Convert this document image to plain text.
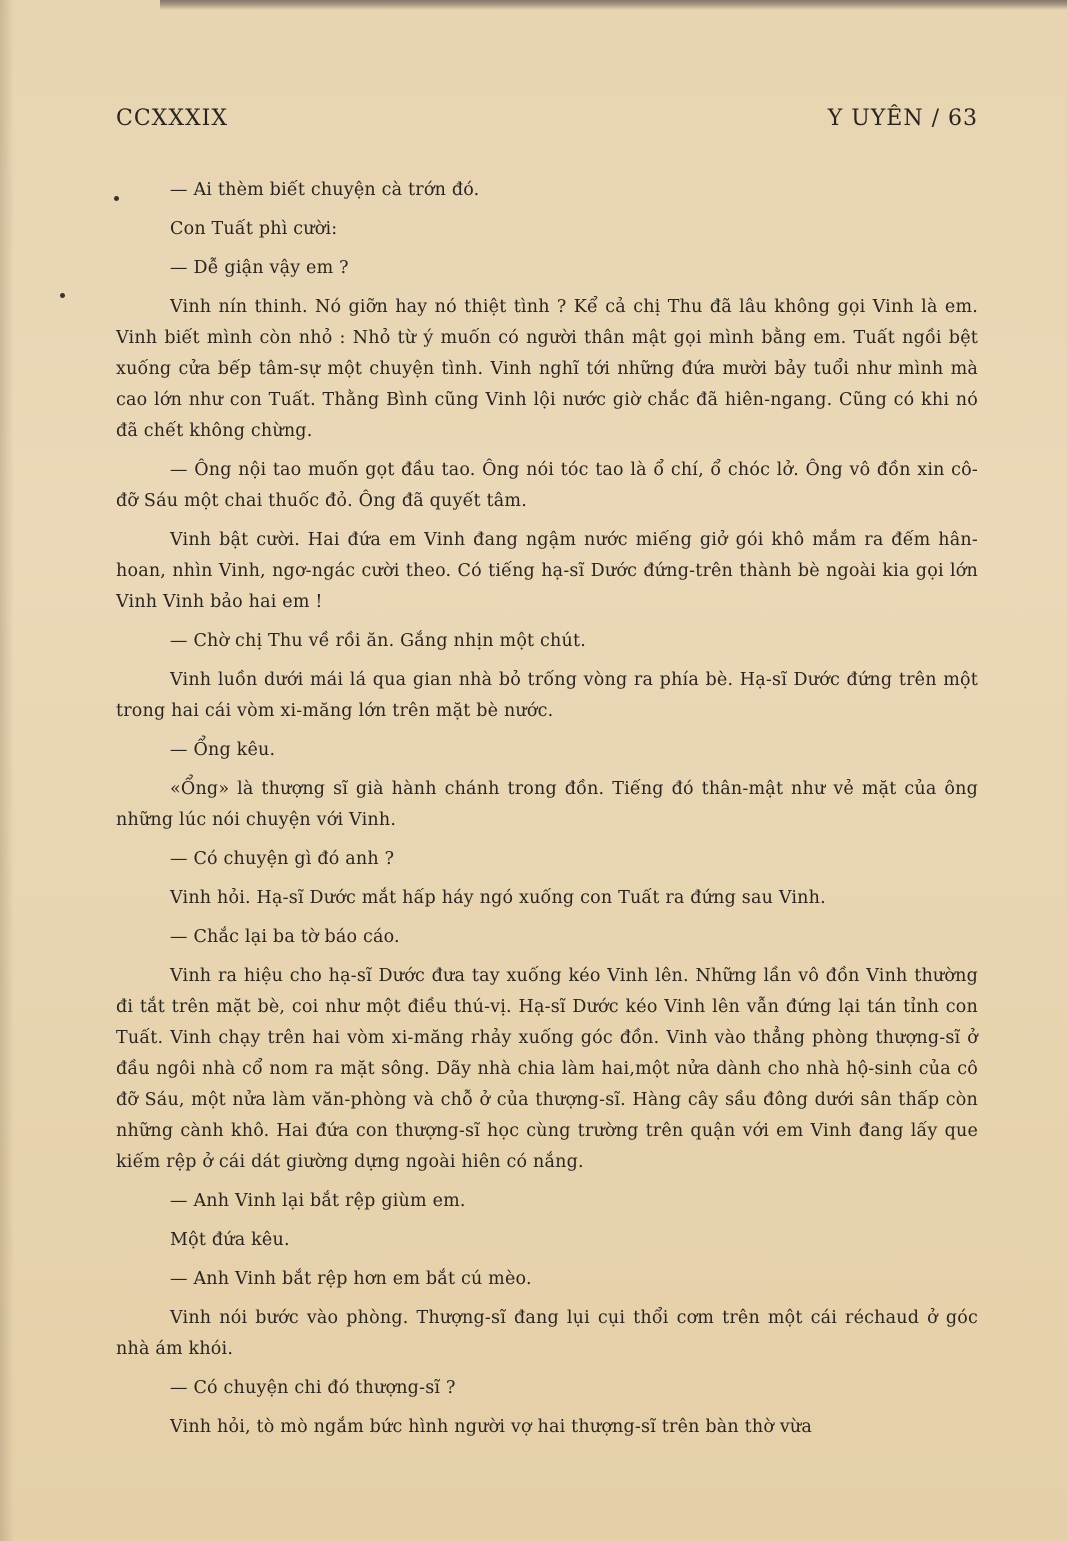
CCXXXIX	Y UYÊN / 63

— Ai thèm biết chuyện cà trớn đó.

Con Tuất phì cười:

— Dễ giận vậy em ?

Vinh nín thinh. Nó giỡn hay nó thiệt tình ? Kể cả chị Thu đã lâu không gọi Vinh là em. Vinh biết mình còn nhỏ : Nhỏ từ ý muốn có người thân mật gọi mình bằng em. Tuất ngồi bệt xuống cửa bếp tâm-sự một chuyện tình. Vinh nghĩ tới những đứa mười bảy tuổi như mình mà cao lớn như con Tuất. Thằng Bình cũng Vinh lội nước giờ chắc đã hiên-ngang. Cũng có khi nó đã chết không chừng.

— Ông nội tao muốn gọt đầu tao. Ông nói tóc tao là ổ chí, ổ chóc lở. Ông vô đồn xin cô-đỡ Sáu một chai thuốc đỏ. Ông đã quyết tâm.

Vinh bật cười. Hai đứa em Vinh đang ngậm nước miếng giở gói khô mắm ra đếm hân-hoan, nhìn Vinh, ngơ-ngác cười theo. Có tiếng hạ-sĩ Dước đứng-trên thành bè ngoài kia gọi lớn Vinh Vinh bảo hai em !

— Chờ chị Thu về rồi ăn. Gắng nhịn một chút.

Vinh luồn dưới mái lá qua gian nhà bỏ trống vòng ra phía bè. Hạ-sĩ Dước đứng trên một trong hai cái vòm xi-măng lớn trên mặt bè nước.

— Ổng kêu.

«Ổng» là thượng sĩ già hành chánh trong đồn. Tiếng đó thân-mật như vẻ mặt của ông những lúc nói chuyện với Vinh.

— Có chuyện gì đó anh ?

Vinh hỏi. Hạ-sĩ Dước mắt hấp háy ngó xuống con Tuất ra đứng sau Vinh.

— Chắc lại ba tờ báo cáo.

Vinh ra hiệu cho hạ-sĩ Dước đưa tay xuống kéo Vinh lên. Những lần vô đồn Vinh thường đi tắt trên mặt bè, coi như một điều thú-vị. Hạ-sĩ Dước kéo Vinh lên vẫn đứng lại tán tỉnh con Tuất. Vinh chạy trên hai vòm xi-măng rhảy xuống góc đồn. Vinh vào thẳng phòng thượng-sĩ ở đầu ngôi nhà cổ nom ra mặt sông. Dãy nhà chia làm hai,một nửa dành cho nhà hộ-sinh của cô đỡ Sáu, một nửa làm văn-phòng và chỗ ở của thượng-sĩ. Hàng cây sầu đông dưới sân thấp còn những cành khô. Hai đứa con thượng-sĩ học cùng trường trên quận với em Vinh đang lấy que kiếm rệp ở cái dát giường dựng ngoài hiên có nắng.

— Anh Vinh lại bắt rệp giùm em.

Một đứa kêu.

— Anh Vinh bắt rệp hơn em bắt cú mèo.

Vinh nói bước vào phòng. Thượng-sĩ đang lụi cụi thổi cơm trên một cái réchaud ở góc nhà ám khói.

— Có chuyện chi đó thượng-sĩ ?

Vinh hỏi, tò mò ngắm bức hình người vợ hai thượng-sĩ trên bàn thờ vừa
